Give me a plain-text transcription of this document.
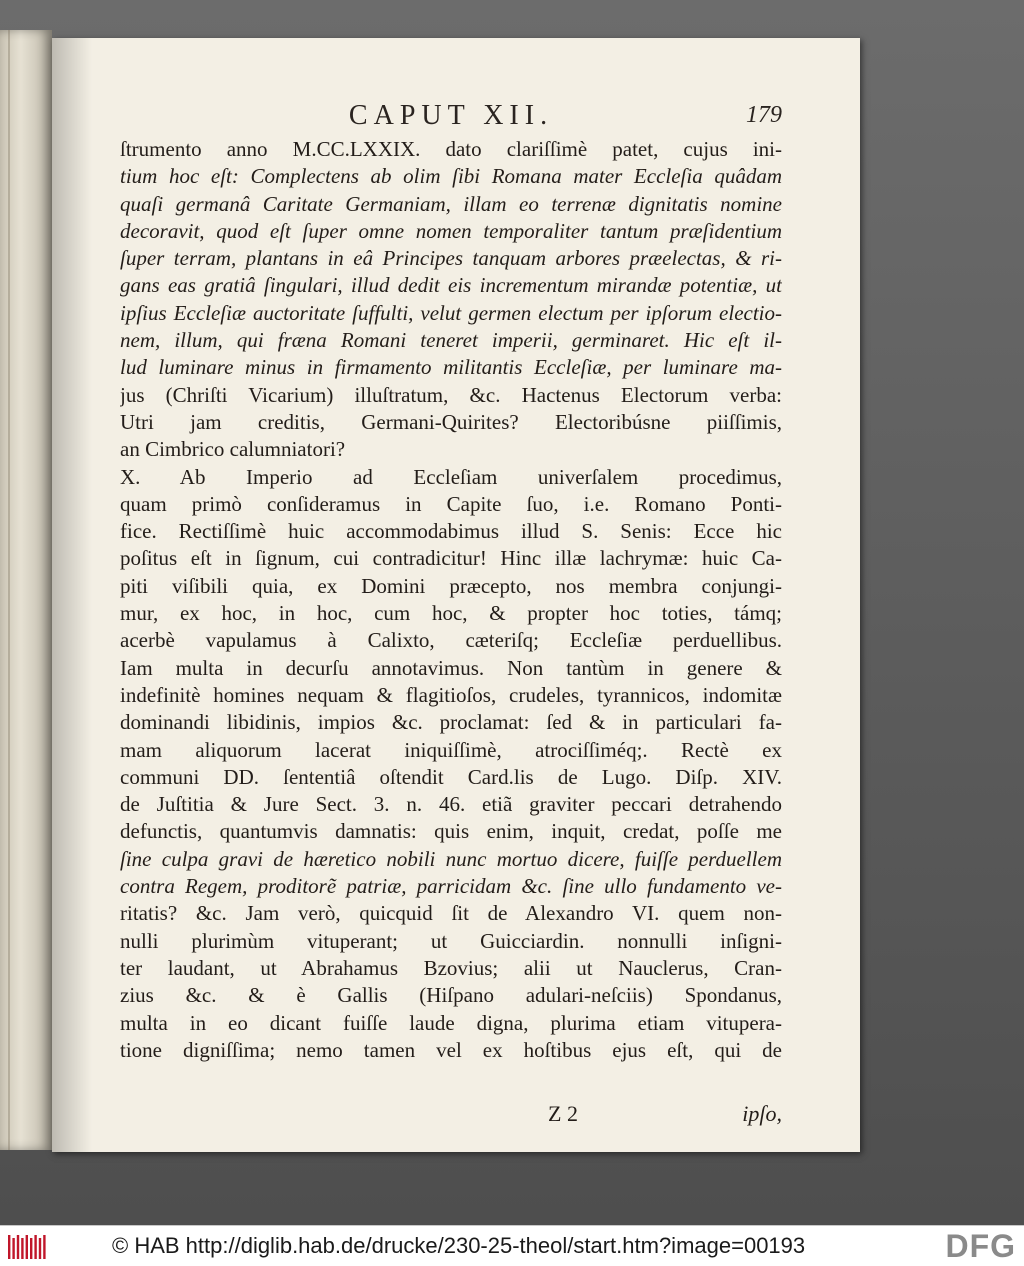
CAPUT XII.	179
ſtrumento anno M.CC.LXXIX. dato clariſſimè patet, cujus ini-
tium hoc eſt: Complectens ab olim ſibi Romana mater Eccleſia quâdam
quaſi germanâ Caritate Germaniam, illam eo terrenæ dignitatis nomine
decoravit, quod eſt ſuper omne nomen temporaliter tantum præſidentium
ſuper terram, plantans in eâ Principes tanquam arbores præelectas, & ri-
gans eas gratiâ ſingulari, illud dedit eis incrementum mirandæ potentiæ, ut
ipſius Eccleſiæ auctoritate ſuffulti, velut germen electum per ipſorum electio-
nem, illum, qui fræna Romani teneret imperii, germinaret. Hic eſt il-
lud luminare minus in firmamento militantis Eccleſiæ, per luminare ma-
jus (Chriſti Vicarium) illuſtratum, &c. Hactenus Electorum verba:
Utri jam creditis, Germani-Quirites? Electoribúsne piiſſimis,
an Cimbrico calumniatori?
X. Ab Imperio ad Eccleſiam univerſalem procedimus,
quam primò conſideramus in Capite ſuo, i.e. Romano Ponti-
fice. Rectiſſimè huic accommodabimus illud S. Senis: Ecce hic
poſitus eſt in ſignum, cui contradicitur! Hinc illæ lachrymæ: huic Ca-
piti viſibili quia, ex Domini præcepto, nos membra conjungi-
mur, ex hoc, in hoc, cum hoc, & propter hoc toties, támq;
acerbè vapulamus à Calixto, cæteriſq; Eccleſiæ perduellibus.
Iam multa in decurſu annotavimus. Non tantùm in genere &
indefinitè homines nequam & flagitioſos, crudeles, tyrannicos, indomitæ
dominandi libidinis, impios &c. proclamat: ſed & in particulari fa-
mam aliquorum lacerat iniquiſſimè, atrociſſiméq;. Rectè ex
communi DD. ſententiâ oſtendit Card.lis de Lugo. Diſp. XIV.
de Juſtitia & Jure Sect. 3. n. 46. etiã graviter peccari detrahendo
defunctis, quantumvis damnatis: quis enim, inquit, credat, poſſe me
ſine culpa gravi de hæretico nobili nunc mortuo dicere, fuiſſe perduellem
contra Regem, proditorẽ patriæ, parricidam &c. ſine ullo fundamento ve-
ritatis? &c. Jam verò, quicquid ſit de Alexandro VI. quem non-
nulli plurimùm vituperant; ut Guicciardin. nonnulli inſigni-
ter laudant, ut Abrahamus Bzovius; alii ut Nauclerus, Cran-
zius &c. & è Gallis (Hiſpano adulari-neſciis) Spondanus,
multa in eo dicant fuiſſe laude digna, plurima etiam vitupera-
tione digniſſima; nemo tamen vel ex hoſtibus ejus eſt, qui de
Z 2	ipſo,
© HAB http://diglib.hab.de/drucke/230-25-theol/start.htm?image=00193	DFG
